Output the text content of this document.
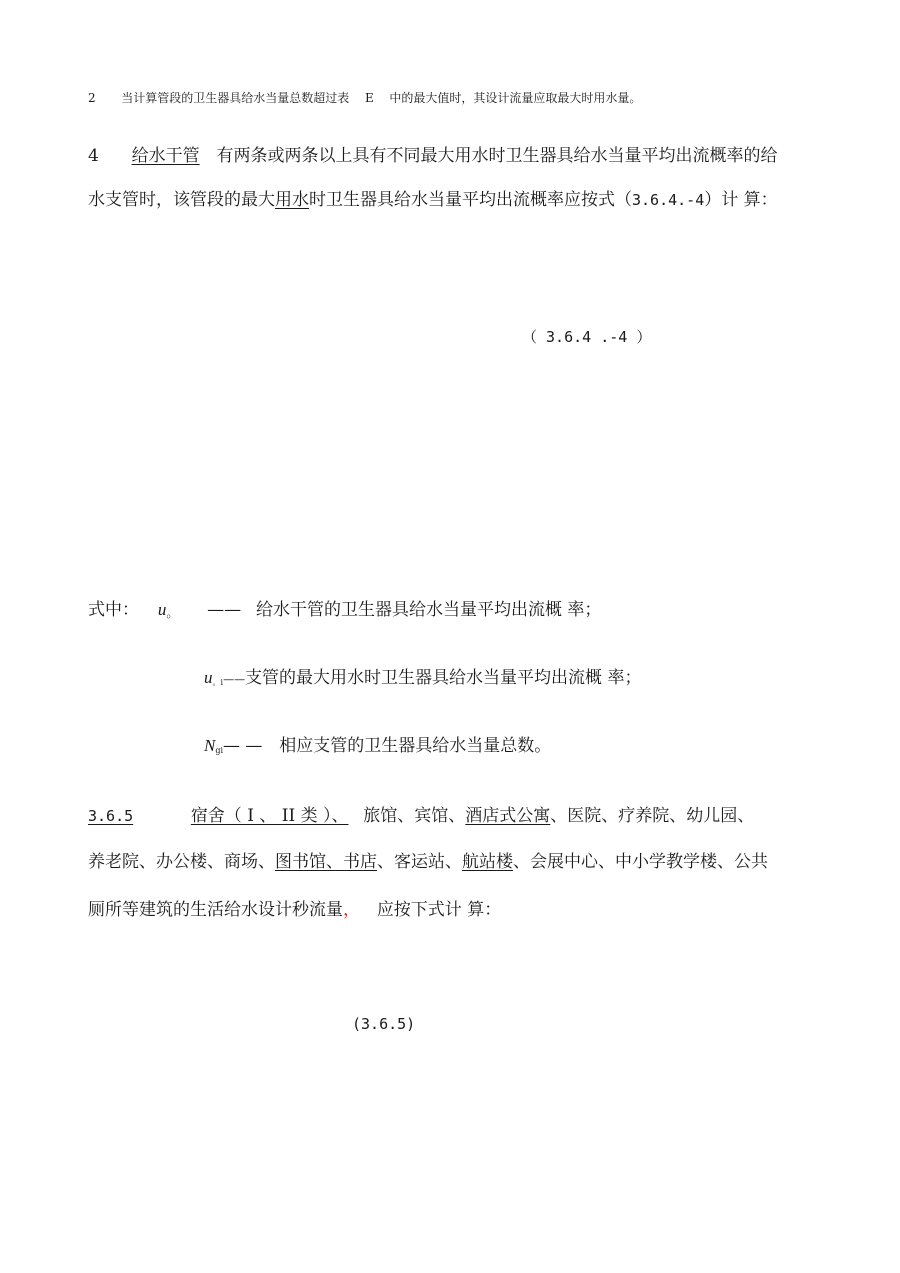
2 当计算管段的卫生器具给水当量总数超过表 E 中的最大值时，其设计流量应取最大时用水量。
4 给水干管 有两条或两条以上具有不同最大用水时卫生器具给水当量平均出流概率的给
水支管时，该管段的最大用水时卫生器具给水当量平均出流概率应按式（3.6.4.-4）计 算：
（ 3.6.4 .-4 ）
式中： u。 —— 给水干管的卫生器具给水当量平均出流概 率；
$u_{。i}——$支管的最大用水时卫生器具给水当量平均出流概 率；
$N_{gi}—$ — 相应支管的卫生器具给水当量总数。
3.6.5	宿舍（ I 、 II 类 ）、 旅馆、宾馆、酒店式公寓、医院、疗养院、幼儿园、
养老院、办公楼、商场、图书馆、书店、客运站、航站楼、会展中心、中小学教学楼、公共
厕所等建筑的生活给水设计秒流量， 应按下式计 算：
(3.6.5)
